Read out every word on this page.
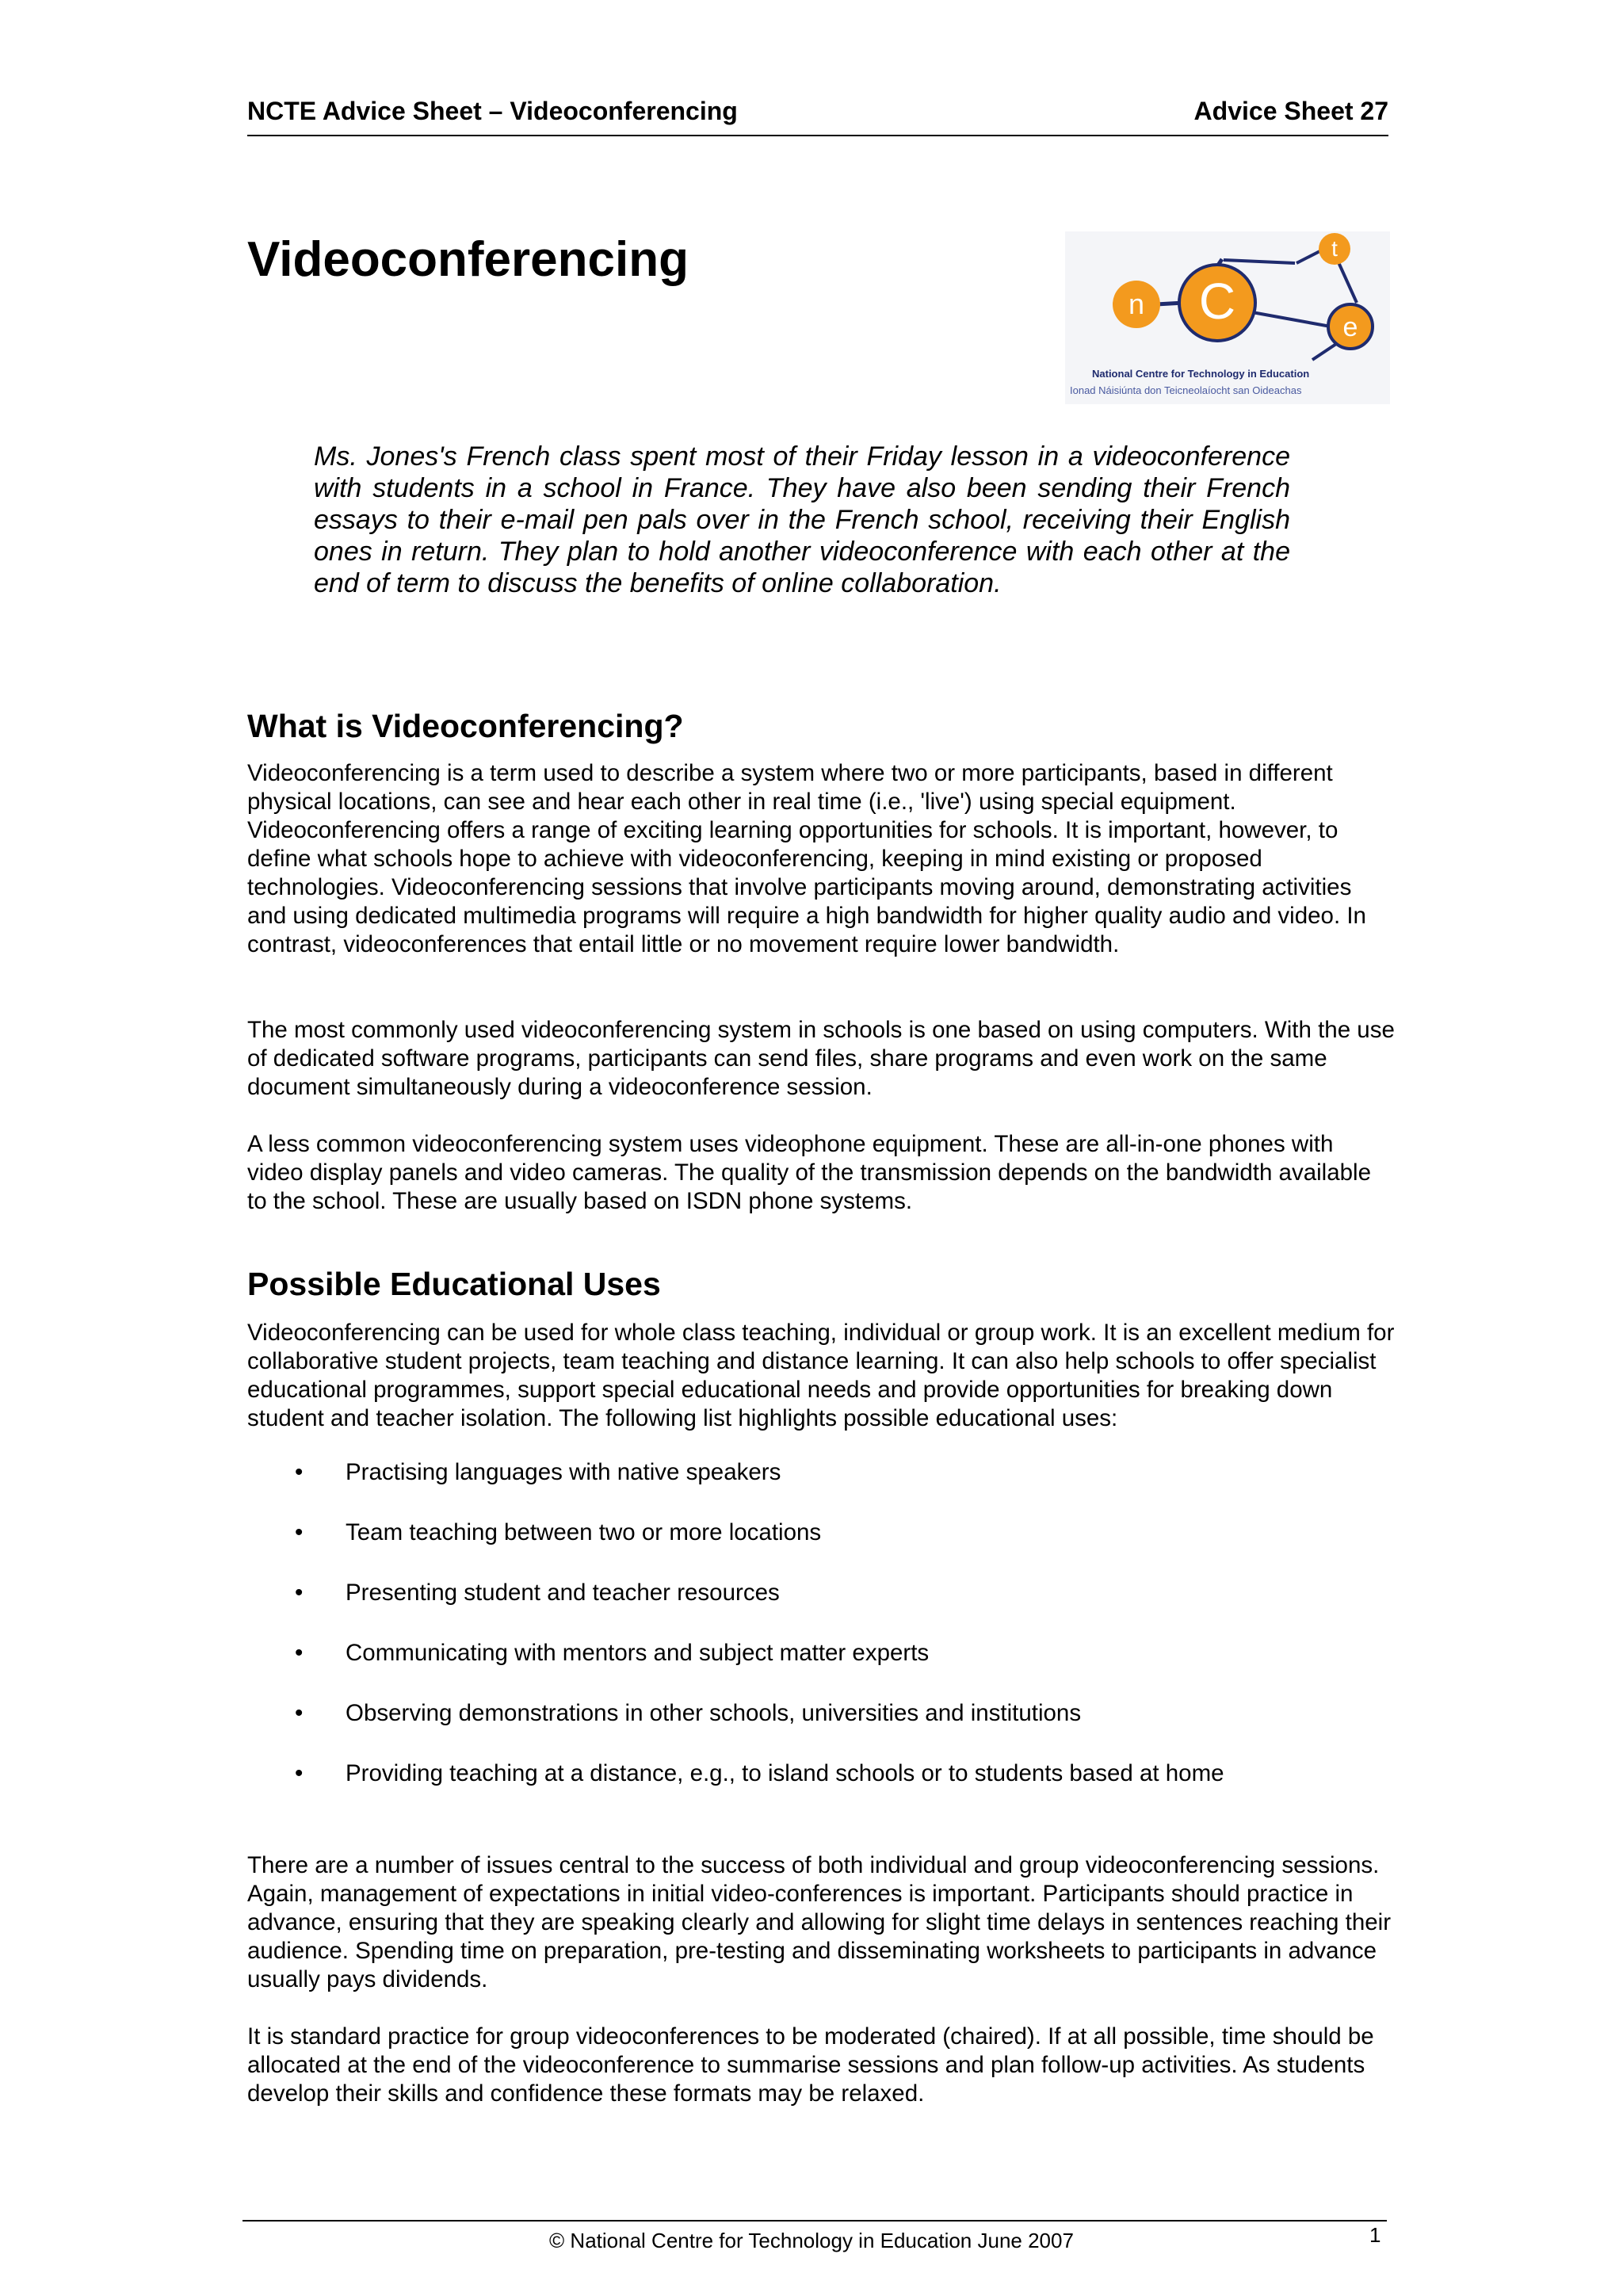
NCTE Advice Sheet – Videoconferencing	Advice Sheet 27
Videoconferencing
n C
t
e
National Centre for Technology in Education
Ionad Náisiúnta don Teicneolaíocht san Oideachas

Ms. Jones's French class spent most of their Friday lesson in a videoconference with students in a school in France. They have also been sending their French essays to their e-mail pen pals over in the French school, receiving their English ones in return. They plan to hold another videoconference with each other at the end of term to discuss the benefits of online collaboration.

What is Videoconferencing?

Videoconferencing is a term used to describe a system where two or more participants, based in different physical locations, can see and hear each other in real time (i.e., 'live') using special equipment. Videoconferencing offers a range of exciting learning opportunities for schools. It is important, however, to define what schools hope to achieve with videoconferencing, keeping in mind existing or proposed technologies. Videoconferencing sessions that involve participants moving around, demonstrating activities and using dedicated multimedia programs will require a high bandwidth for higher quality audio and video. In contrast, videoconferences that entail little or no movement require lower bandwidth.

The most commonly used videoconferencing system in schools is one based on using computers. With the use of dedicated software programs, participants can send files, share programs and even work on the same document simultaneously during a videoconference session.

A less common videoconferencing system uses videophone equipment. These are all-in-one phones with video display panels and video cameras. The quality of the transmission depends on the bandwidth available to the school. These are usually based on ISDN phone systems.

Possible Educational Uses

Videoconferencing can be used for whole class teaching, individual or group work. It is an excellent medium for collaborative student projects, team teaching and distance learning. It can also help schools to offer specialist educational programmes, support special educational needs and provide opportunities for breaking down student and teacher isolation. The following list highlights possible educational uses:

• Practising languages with native speakers
• Team teaching between two or more locations
• Presenting student and teacher resources
• Communicating with mentors and subject matter experts
• Observing demonstrations in other schools, universities and institutions
• Providing teaching at a distance, e.g., to island schools or to students based at home

There are a number of issues central to the success of both individual and group videoconferencing sessions. Again, management of expectations in initial video-conferences is important. Participants should practice in advance, ensuring that they are speaking clearly and allowing for slight time delays in sentences reaching their audience. Spending time on preparation, pre-testing and disseminating worksheets to participants in advance usually pays dividends.

It is standard practice for group videoconferences to be moderated (chaired). If at all possible, time should be allocated at the end of the videoconference to summarise sessions and plan follow-up activities. As students develop their skills and confidence these formats may be relaxed.

© National Centre for Technology in Education June 2007	1
